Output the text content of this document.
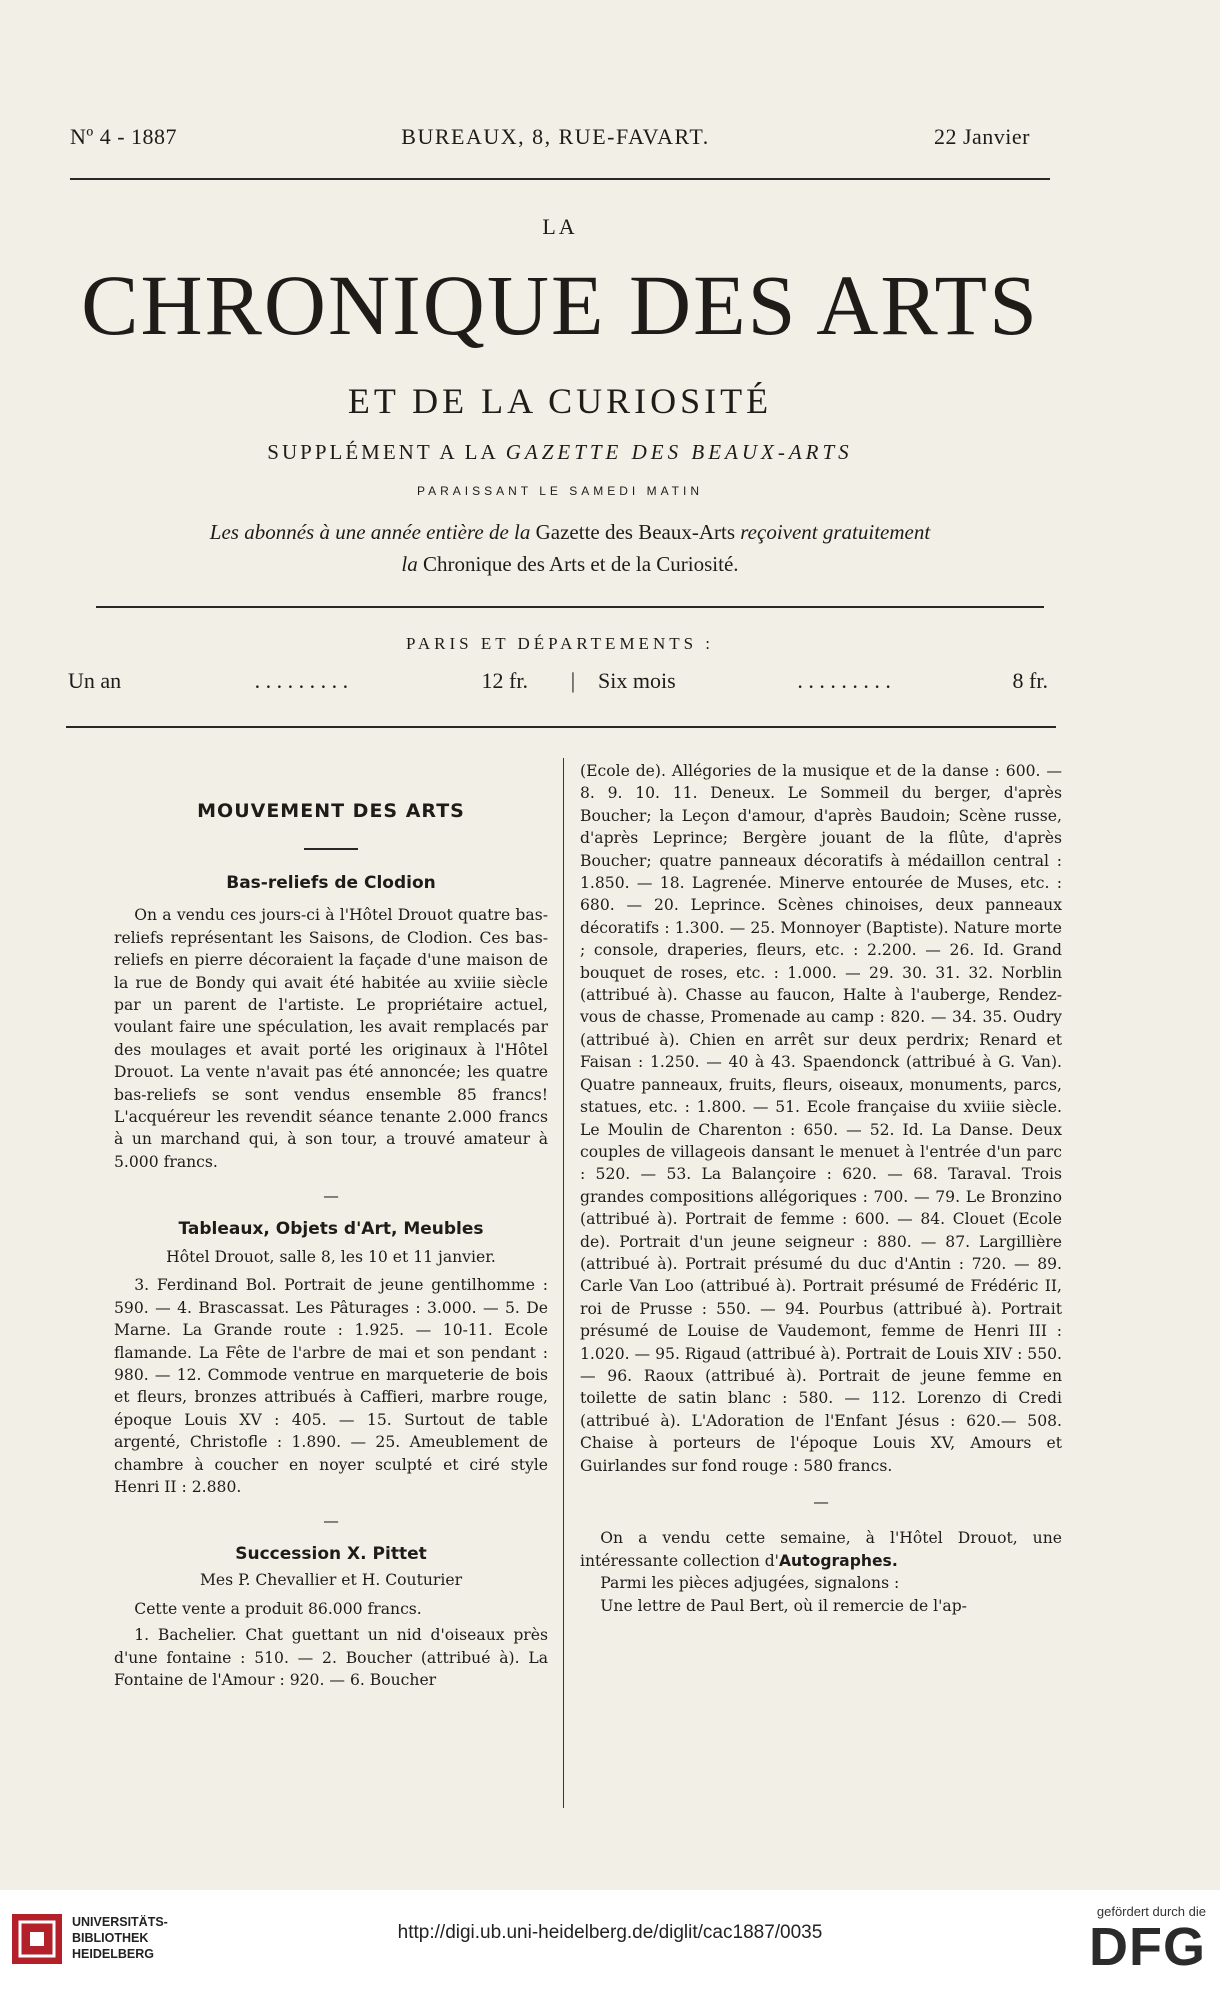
Nº 4 - 1887	BUREAUX, 8, RUE-FAVART.	22 Janvier
LA
CHRONIQUE DES ARTS
ET DE LA CURIOSITÉ
SUPPLÉMENT A LA GAZETTE DES BEAUX-ARTS
PARAISSANT LE SAMEDI MATIN
Les abonnés à une année entière de la Gazette des Beaux-Arts reçoivent gratuitement
la Chronique des Arts et de la Curiosité.
PARIS ET DÉPARTEMENTS :
Un an	. . . . . . . . .	12 fr.	|	Six mois	. . . . . . . . .	8 fr.
MOUVEMENT DES ARTS
Bas-reliefs de Clodion

On a vendu ces jours-ci à l'Hôtel Drouot quatre bas-reliefs représentant les Saisons, de Clodion. Ces bas-reliefs en pierre décoraient la façade d'une maison de la rue de Bondy qui avait été habitée au xviiie siècle par un parent de l'artiste. Le propriétaire actuel, voulant faire une spéculation, les avait remplacés par des moulages et avait porté les originaux à l'Hôtel Drouot. La vente n'avait pas été annoncée; les quatre bas-reliefs se sont vendus ensemble 85 francs! L'acquéreur les revendit séance tenante 2.000 francs à un marchand qui, à son tour, a trouvé amateur à 5.000 francs.

—
Tableaux, Objets d'Art, Meubles
Hôtel Drouot, salle 8, les 10 et 11 janvier.

3. Ferdinand Bol. Portrait de jeune gentilhomme : 590. — 4. Brascassat. Les Pâturages : 3.000. — 5. De Marne. La Grande route : 1.925. — 10-11. Ecole flamande. La Fête de l'arbre de mai et son pendant : 980. — 12. Commode ventrue en marqueterie de bois et fleurs, bronzes attribués à Caffieri, marbre rouge, époque Louis XV : 405. — 15. Surtout de table argenté, Christofle : 1.890. — 25. Ameublement de chambre à coucher en noyer sculpté et ciré style Henri II : 2.880.

—
Succession X. Pittet
Mes P. Chevallier et H. Couturier

Cette vente a produit 86.000 francs.

1. Bachelier. Chat guettant un nid d'oiseaux près d'une fontaine : 510. — 2. Boucher (attribué à). La Fontaine de l'Amour : 920. — 6. Boucher

(Ecole de). Allégories de la musique et de la danse : 600. — 8. 9. 10. 11. Deneux. Le Sommeil du berger, d'après Boucher; la Leçon d'amour, d'après Baudoin; Scène russe, d'après Leprince; Bergère jouant de la flûte, d'après Boucher; quatre panneaux décoratifs à médaillon central : 1.850. — 18. Lagrenée. Minerve entourée de Muses, etc. : 680. — 20. Leprince. Scènes chinoises, deux panneaux décoratifs : 1.300. — 25. Monnoyer (Baptiste). Nature morte ; console, draperies, fleurs, etc. : 2.200. — 26. Id. Grand bouquet de roses, etc. : 1.000. — 29. 30. 31. 32. Norblin (attribué à). Chasse au faucon, Halte à l'auberge, Rendez-vous de chasse, Promenade au camp : 820. — 34. 35. Oudry (attribué à). Chien en arrêt sur deux perdrix; Renard et Faisan : 1.250. — 40 à 43. Spaendonck (attribué à G. Van). Quatre panneaux, fruits, fleurs, oiseaux, monuments, parcs, statues, etc. : 1.800. — 51. Ecole française du xviiie siècle. Le Moulin de Charenton : 650. — 52. Id. La Danse. Deux couples de villageois dansant le menuet à l'entrée d'un parc : 520. — 53. La Balançoire : 620. — 68. Taraval. Trois grandes compositions allégoriques : 700. — 79. Le Bronzino (attribué à). Portrait de femme : 600. — 84. Clouet (Ecole de). Portrait d'un jeune seigneur : 880. — 87. Largillière (attribué à). Portrait présumé du duc d'Antin : 720. — 89. Carle Van Loo (attribué à). Portrait présumé de Frédéric II, roi de Prusse : 550. — 94. Pourbus (attribué à). Portrait présumé de Louise de Vaudemont, femme de Henri III : 1.020. — 95. Rigaud (attribué à). Portrait de Louis XIV : 550. — 96. Raoux (attribué à). Portrait de jeune femme en toilette de satin blanc : 580. — 112. Lorenzo di Credi (attribué à). L'Adoration de l'Enfant Jésus : 620.— 508. Chaise à porteurs de l'époque Louis XV, Amours et Guirlandes sur fond rouge : 580 francs.

—

On a vendu cette semaine, à l'Hôtel Drouot, une intéressante collection d'Autographes.

Parmi les pièces adjugées, signalons :

Une lettre de Paul Bert, où il remercie de l'ap-

UNIVERSITÄTS-
BIBLIOTHEK
HEIDELBERG
http://digi.ub.uni-heidelberg.de/diglit/cac1887/0035
gefördert durch die
DFG
